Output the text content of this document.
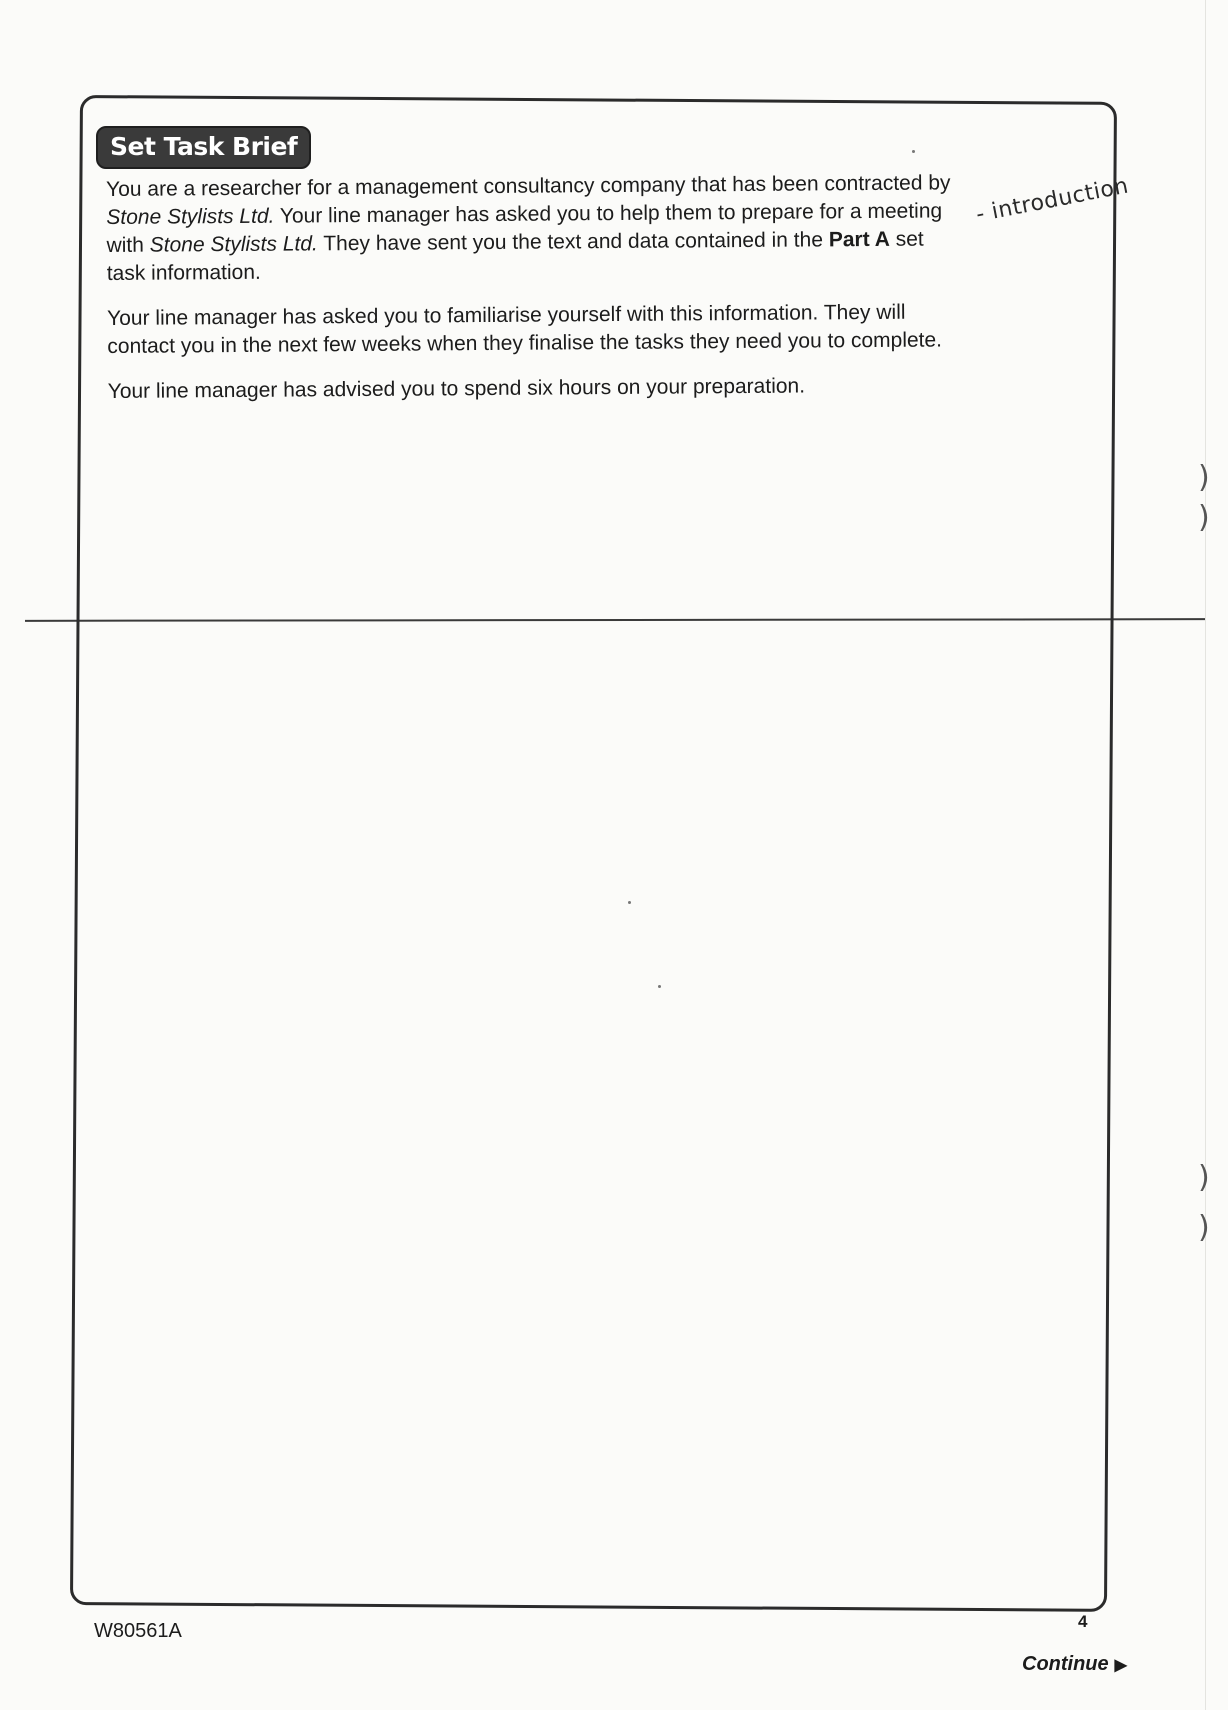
Set Task Brief

You are a researcher for a management consultancy company that has been contracted by Stone Stylists Ltd. Your line manager has asked you to help them to prepare for a meeting with Stone Stylists Ltd. They have sent you the text and data contained in the Part A set task information.

Your line manager has asked you to familiarise yourself with this information. They will contact you in the next few weeks when they finalise the tasks they need you to complete.

Your line manager has advised you to spend six hours on your preparation.

- introduction
)
)
)
)
W80561A	4
Continue ▶
